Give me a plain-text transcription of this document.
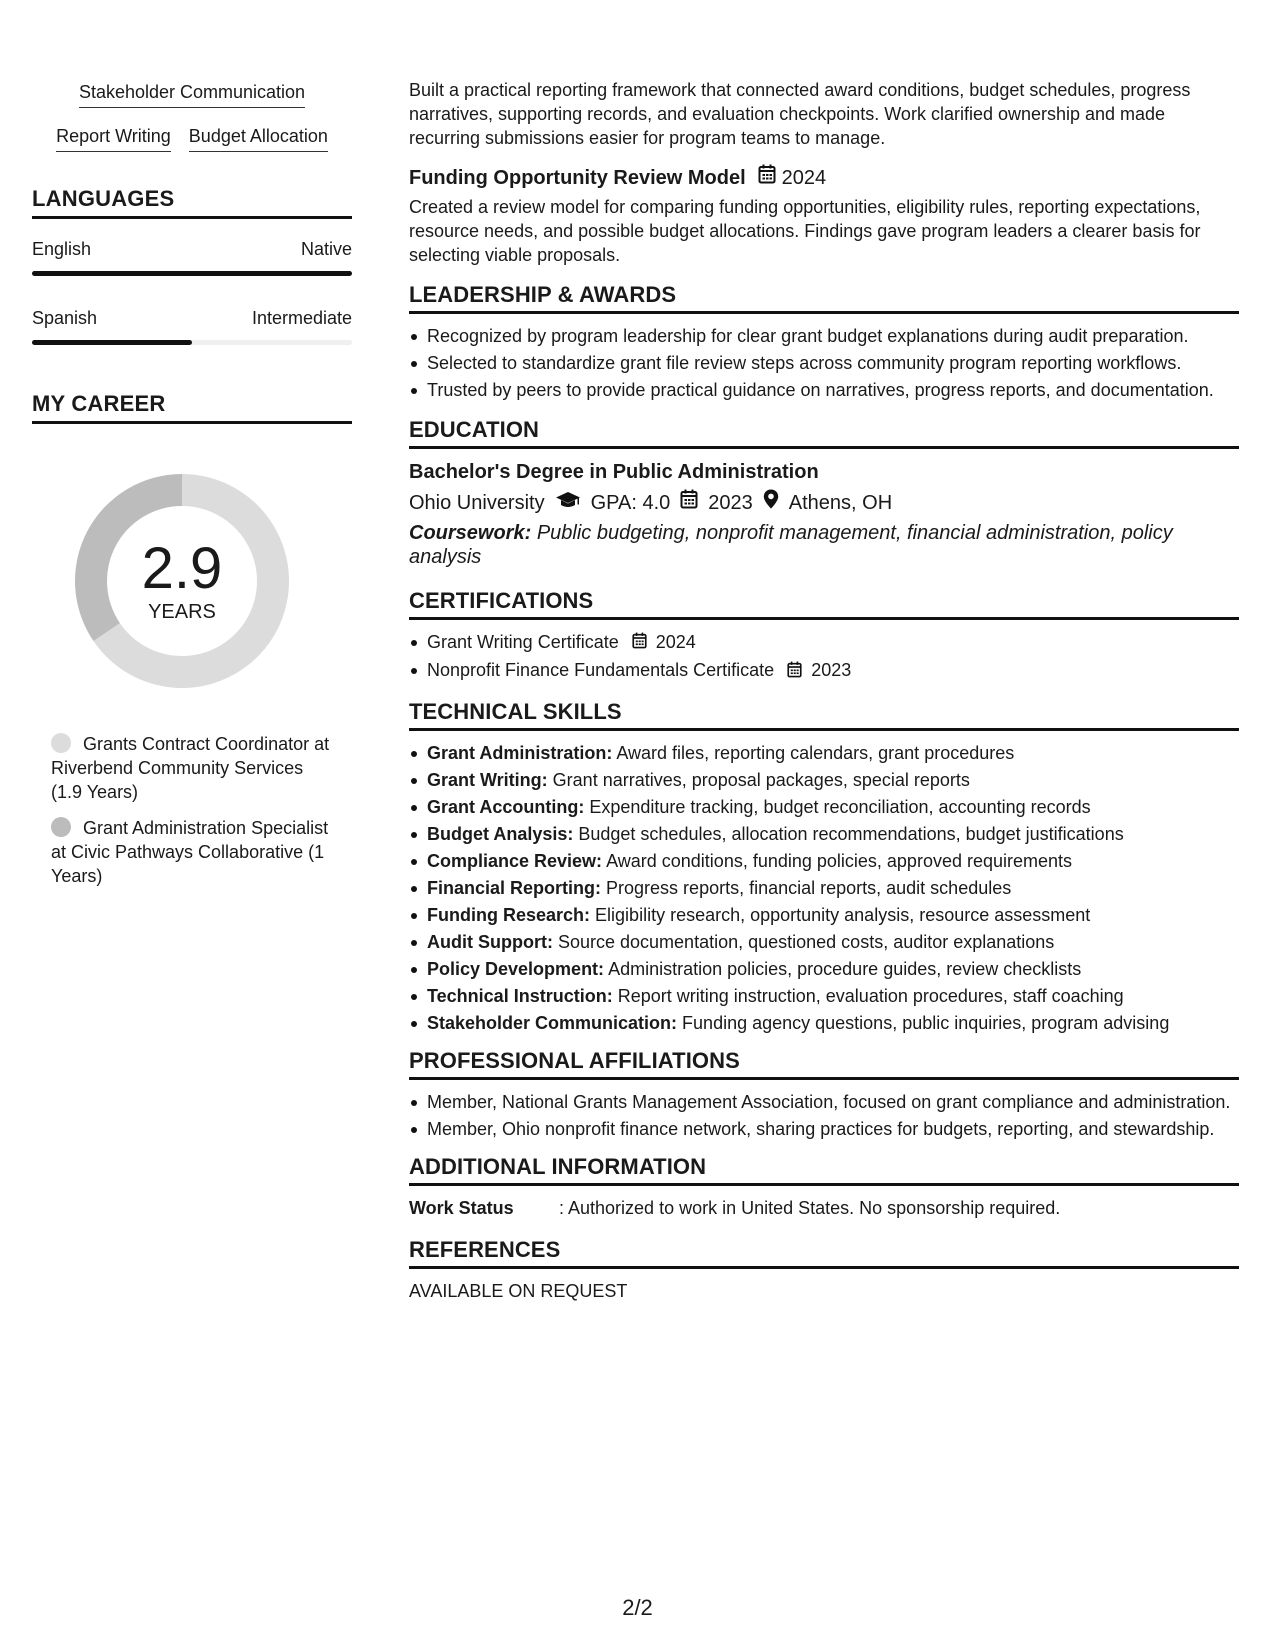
Stakeholder Communication
Report Writing Budget Allocation
LANGUAGES
English	Native
Spanish	Intermediate
MY CAREER
2.9
YEARS
Grants Contract Coordinator at Riverbend Community Services (1.9 Years)
Grant Administration Specialist at Civic Pathways Collaborative (1 Years)

Built a practical reporting framework that connected award conditions, budget schedules, progress narratives, supporting records, and evaluation checkpoints. Work clarified ownership and made recurring submissions easier for program teams to manage.

Funding Opportunity Review Model 2024

Created a review model for comparing funding opportunities, eligibility rules, reporting expectations, resource needs, and possible budget allocations. Findings gave program leaders a clearer basis for selecting viable proposals.

LEADERSHIP & AWARDS
Recognized by program leadership for clear grant budget explanations during audit preparation.
Selected to standardize grant file review steps across community program reporting workflows.
Trusted by peers to provide practical guidance on narratives, progress reports, and documentation.
EDUCATION
Bachelor's Degree in Public Administration
Ohio University GPA: 4.0 2023 Athens, OH
Coursework: Public budgeting, nonprofit management, financial administration, policy analysis
CERTIFICATIONS
Grant Writing Certificate 2024
Nonprofit Finance Fundamentals Certificate 2023
TECHNICAL SKILLS
Grant Administration: Award files, reporting calendars, grant procedures
Grant Writing: Grant narratives, proposal packages, special reports
Grant Accounting: Expenditure tracking, budget reconciliation, accounting records
Budget Analysis: Budget schedules, allocation recommendations, budget justifications
Compliance Review: Award conditions, funding policies, approved requirements
Financial Reporting: Progress reports, financial reports, audit schedules
Funding Research: Eligibility research, opportunity analysis, resource assessment
Audit Support: Source documentation, questioned costs, auditor explanations
Policy Development: Administration policies, procedure guides, review checklists
Technical Instruction: Report writing instruction, evaluation procedures, staff coaching
Stakeholder Communication: Funding agency questions, public inquiries, program advising
PROFESSIONAL AFFILIATIONS
Member, National Grants Management Association, focused on grant compliance and administration.
Member, Ohio nonprofit finance network, sharing practices for budgets, reporting, and stewardship.
ADDITIONAL INFORMATION
Work Status	: Authorized to work in United States. No sponsorship required.
REFERENCES
AVAILABLE ON REQUEST
2/2
